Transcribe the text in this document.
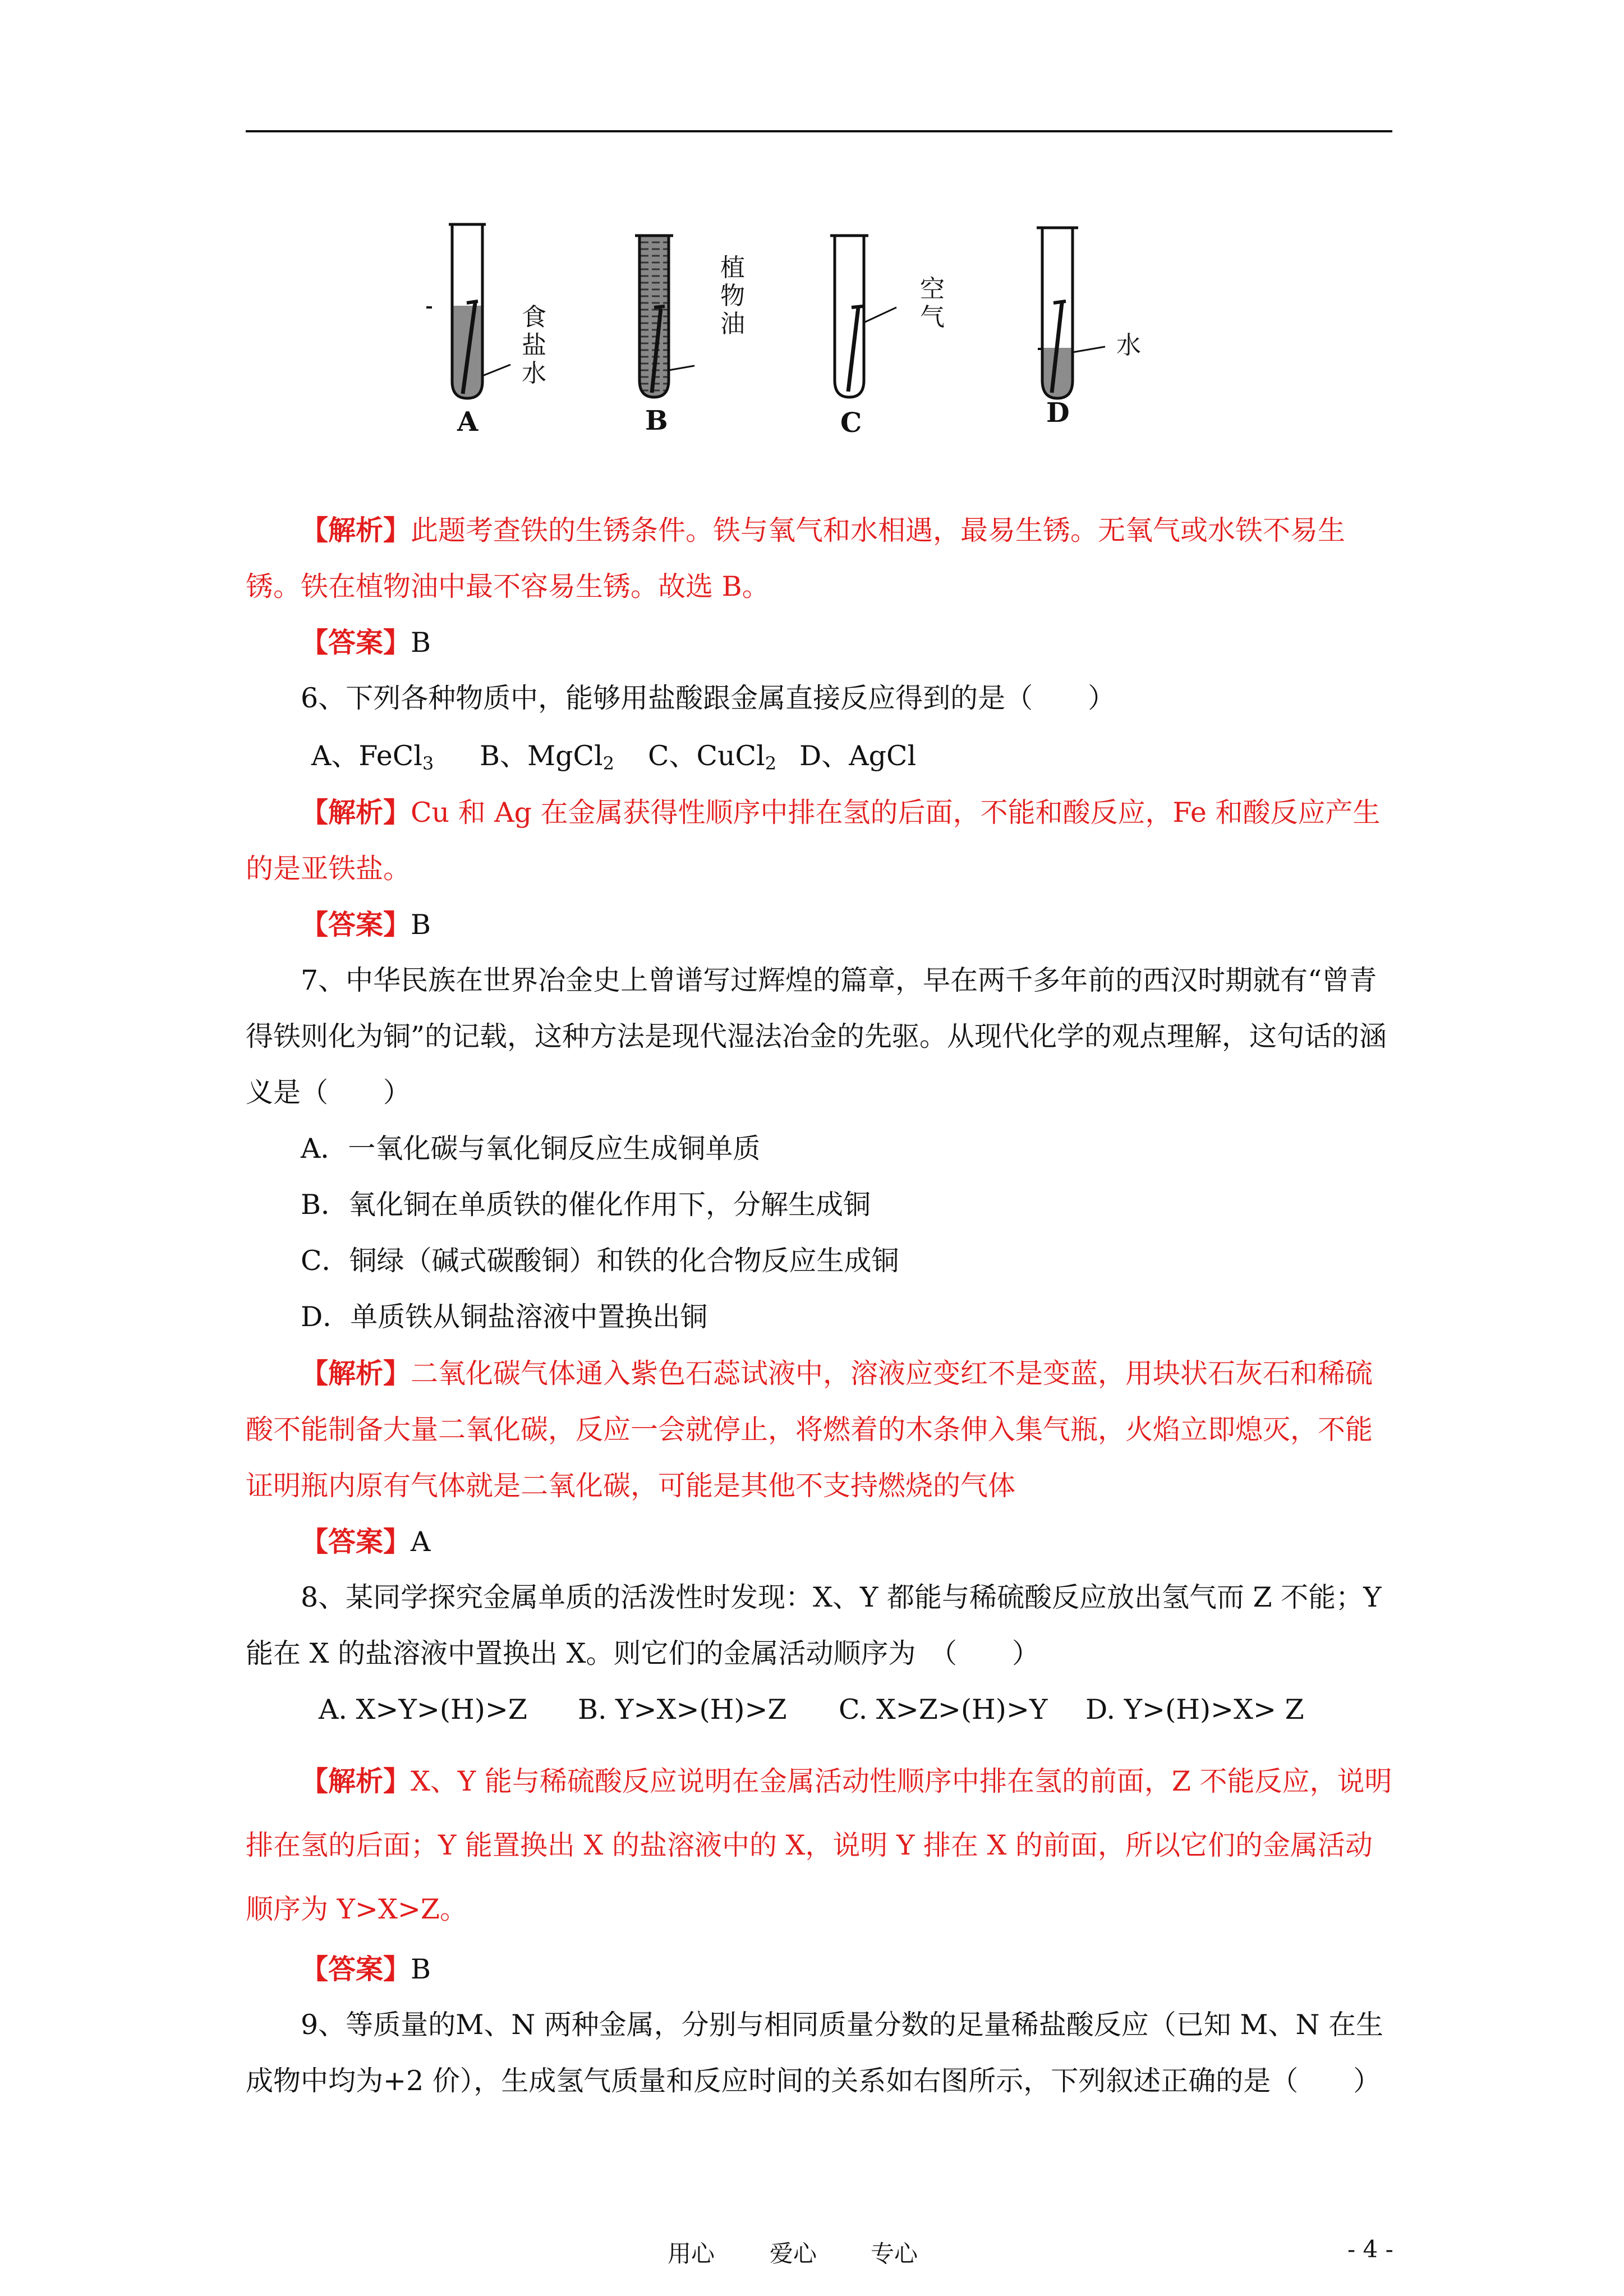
食
盐
水
植
物
油
空
气
水
A	B	C	D

【解析】此题考查铁的生锈条件。铁与氧气和水相遇，最易生锈。无氧气或水铁不易生锈。铁在植物油中最不容易生锈。故选 B。

【答案】B

6、下列各种物质中，能够用盐酸跟金属直接反应得到的是（　　）

A、FeCl$_3$ B、MgCl$_2$ C、CuCl$_2$ D、AgCl

【解析】Cu 和 Ag 在金属获得性顺序中排在氢的后面，不能和酸反应，Fe 和酸反应产生的是亚铁盐。

【答案】B

7、中华民族在世界冶金史上曾谱写过辉煌的篇章，早在两千多年前的西汉时期就有“曾青得铁则化为铜”的记载，这种方法是现代湿法冶金的先驱。从现代化学的观点理解，这句话的涵义是（　　）

A．一氧化碳与氧化铜反应生成铜单质

B．氧化铜在单质铁的催化作用下，分解生成铜

C．铜绿（碱式碳酸铜）和铁的化合物反应生成铜

D．单质铁从铜盐溶液中置换出铜

【解析】二氧化碳气体通入紫色石蕊试液中，溶液应变红不是变蓝，用块状石灰石和稀硫酸不能制备大量二氧化碳，反应一会就停止，将燃着的木条伸入集气瓶，火焰立即熄灭，不能证明瓶内原有气体就是二氧化碳，可能是其他不支持燃烧的气体

【答案】A

8、某同学探究金属单质的活泼性时发现：X、Y 都能与稀硫酸反应放出氢气而 Z 不能；Y 能在 X 的盐溶液中置换出 X。则它们的金属活动顺序为　（　　）

A. X>Y>(H)>Z B. Y>X>(H)>Z C. X>Z>(H)>Y D. Y>(H)>X> Z

【解析】X、Y 能与稀硫酸反应说明在金属活动性顺序中排在氢的前面，Z 不能反应，说明排在氢的后面；Y 能置换出 X 的盐溶液中的 X，说明 Y 排在 X 的前面，所以它们的金属活动顺序为 Y>X>Z。

【答案】B

9、等质量的M、N 两种金属，分别与相同质量分数的足量稀盐酸反应（已知 M、N 在生成物中均为+2 价），生成氢气质量和反应时间的关系如右图所示，下列叙述正确的是（　　）

用心 爱心 专心	- 4 -
